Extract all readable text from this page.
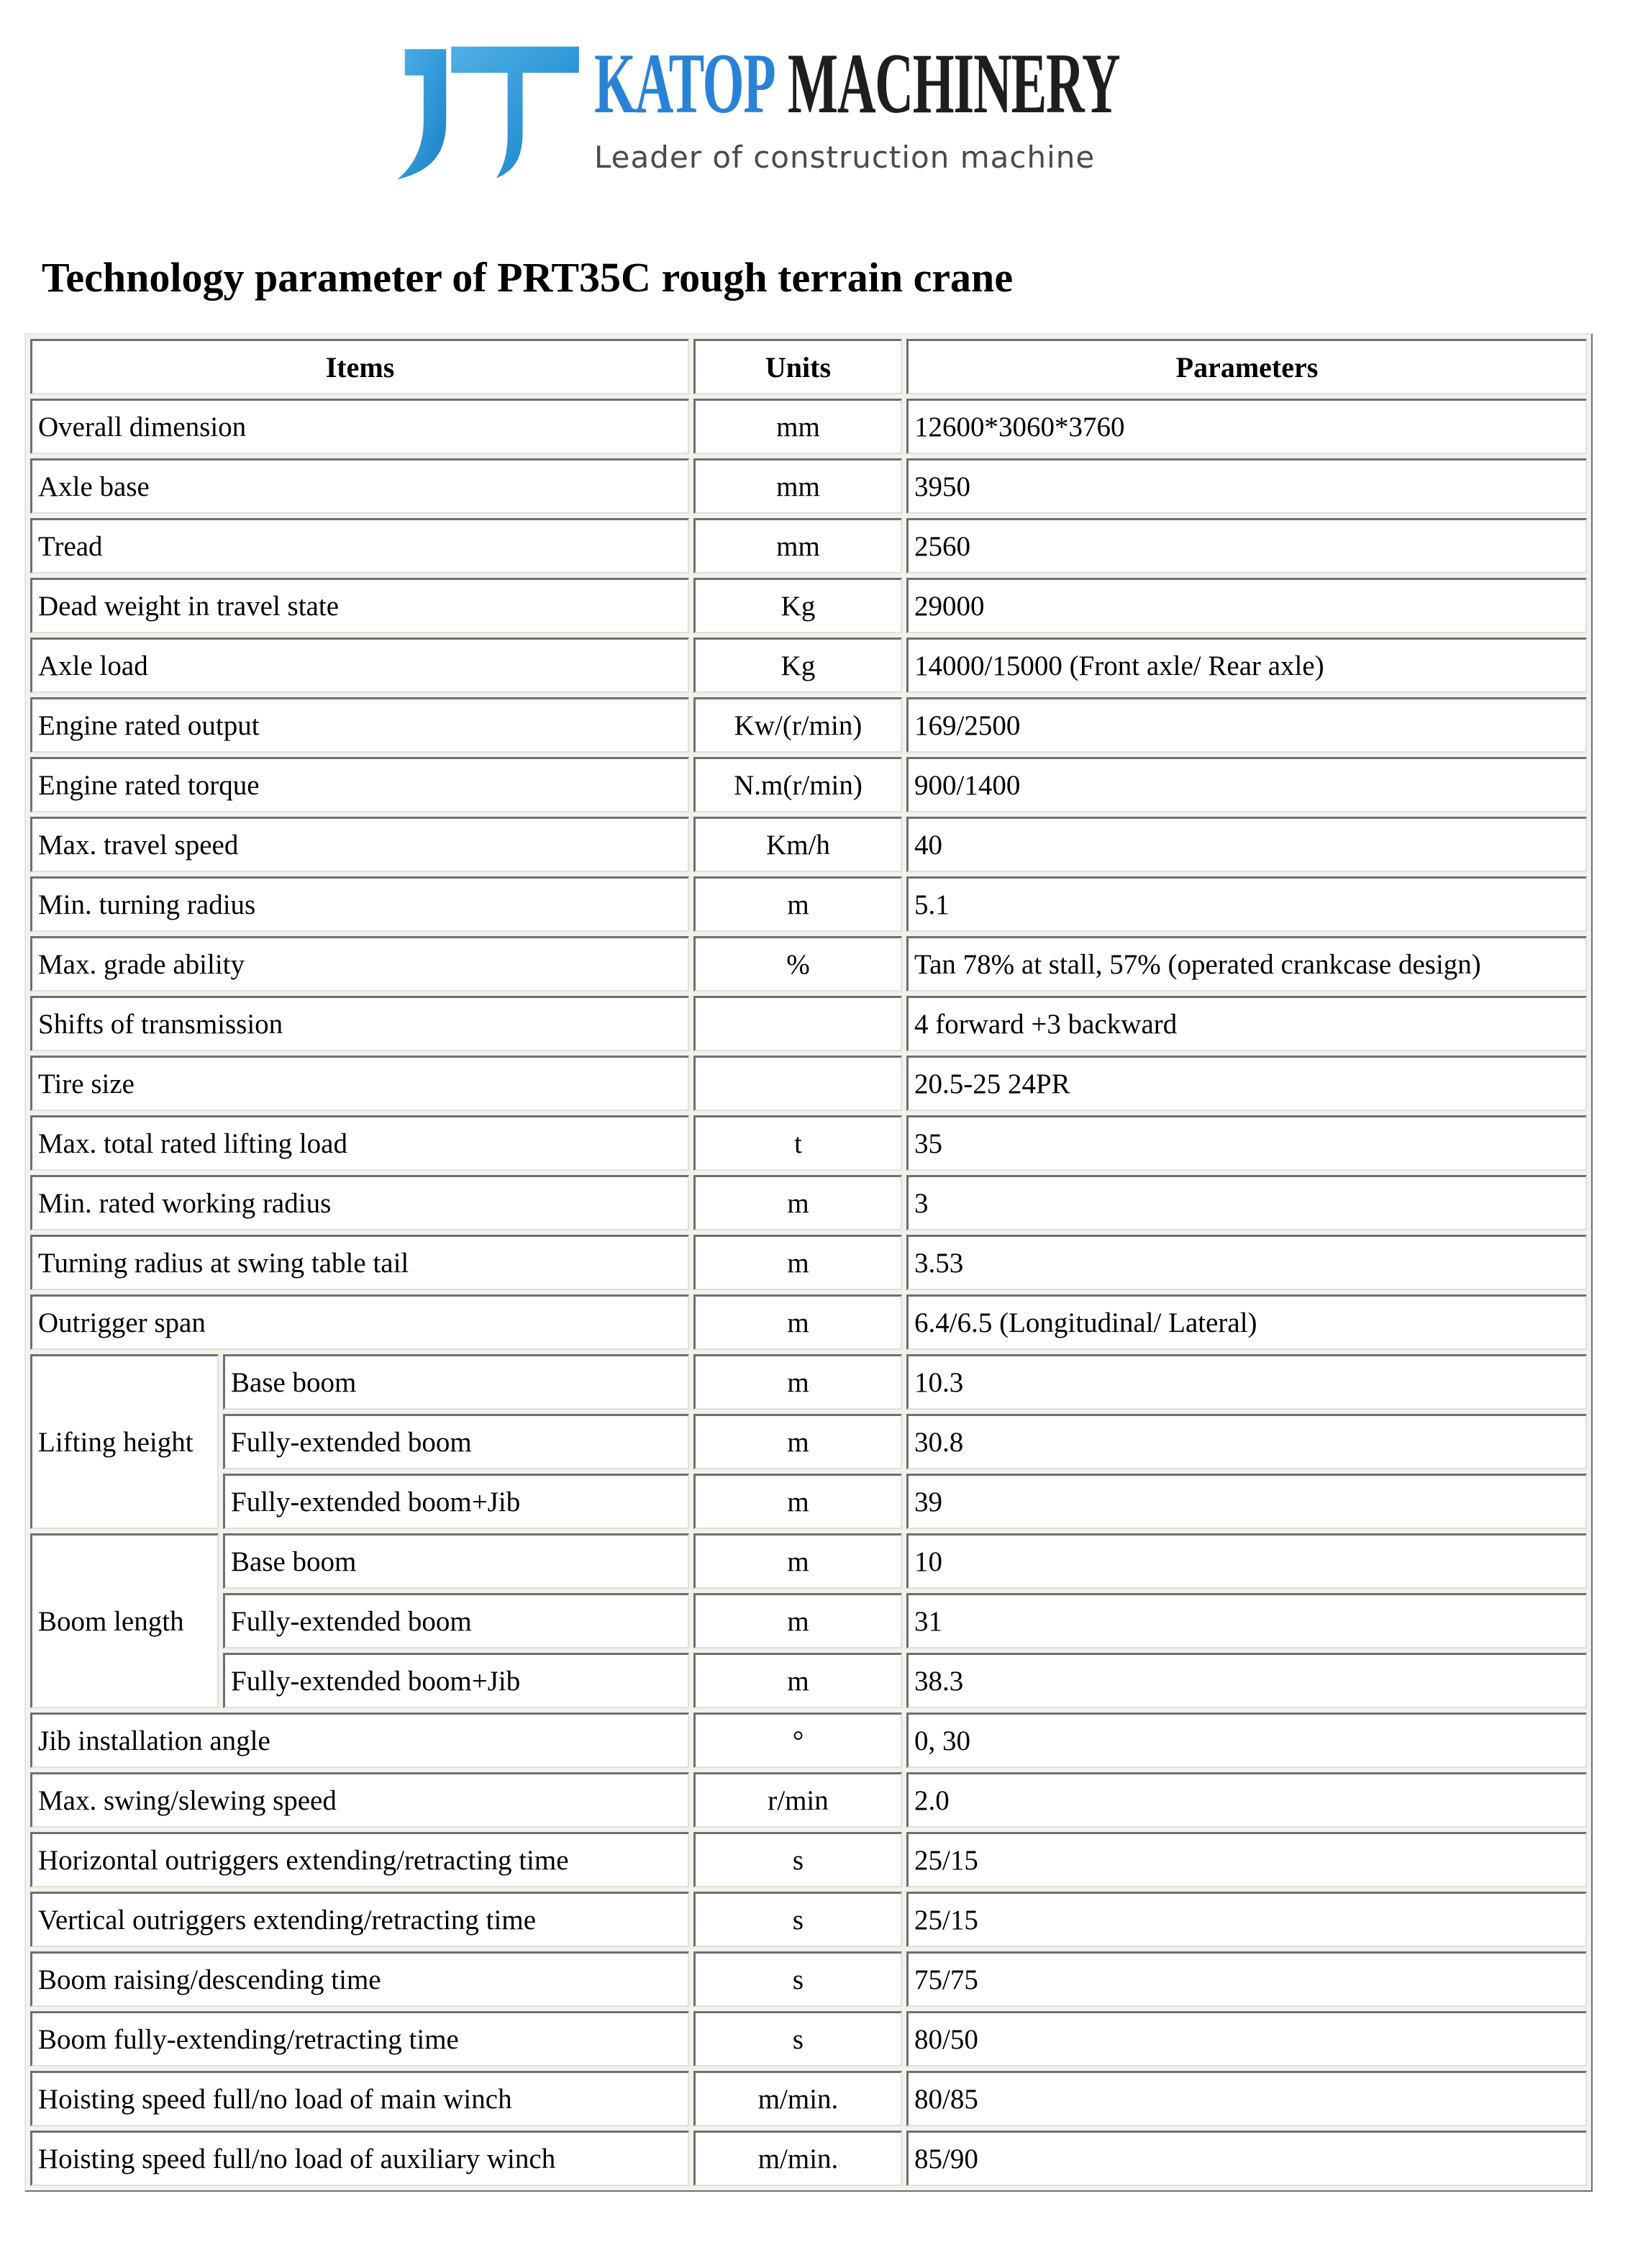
KATOP MACHINERY
Leader of construction machine
Technology parameter of PRT35C rough terrain crane
Items		Units	Parameters
Overall dimension		mm	12600*3060*3760
Axle base		mm	3950
Tread		mm	2560
Dead weight in travel state		Kg	29000
Axle load		Kg	14000/15000 (Front axle/ Rear axle)
Engine rated output		Kw/(r/min)	169/2500
Engine rated torque		N.m(r/min)	900/1400
Max. travel speed		Km/h	40
Min. turning radius		m	5.1
Max. grade ability		%	Tan 78% at stall, 57% (operated crankcase design)
Shifts of transmission			4 forward +3 backward
Tire size			20.5-25 24PR
Max. total rated lifting load		t	35
Min. rated working radius		m	3
Turning radius at swing table tail		m	3.53
Outrigger span		m	6.4/6.5 (Longitudinal/ Lateral)
Lifting height	Base boom	m	10.3
	Fully-extended boom	m	30.8
	Fully-extended boom+Jib	m	39
Boom length	Base boom	m	10
	Fully-extended boom	m	31
	Fully-extended boom+Jib	m	38.3
Jib installation angle		°	0, 30
Max. swing/slewing speed		r/min	2.0
Horizontal outriggers extending/retracting time		s	25/15
Vertical outriggers extending/retracting time		s	25/15
Boom raising/descending time		s	75/75
Boom fully-extending/retracting time		s	80/50
Hoisting speed full/no load of main winch		m/min.	80/85
Hoisting speed full/no load of auxiliary winch		m/min.	85/90
